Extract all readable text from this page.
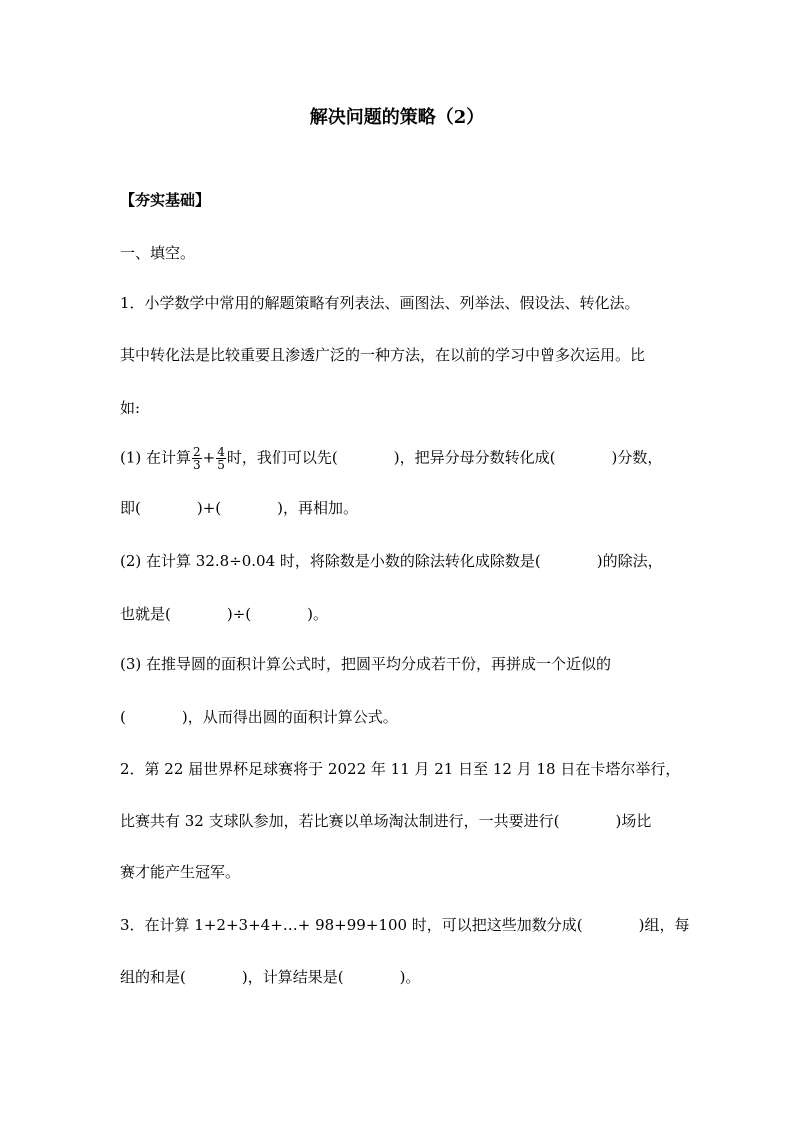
解决问题的策略（2）
【夯实基础】
一、填空。
1．小学数学中常用的解题策略有列表法、画图法、列举法、假设法、转化法。
其中转化法是比较重要且渗透广泛的一种方法，在以前的学习中曾多次运用。比
如:
(1) 在计算 $\frac{2}{3} + \frac{4}{5}$ 时，我们可以先(	)，把异分母分数转化成(	)分数，
即(	)+(	)，再相加。
(2) 在计算 32.8÷0.04 时，将除数是小数的除法转化成除数是(	)的除法，
也就是(	)÷(	)。
(3) 在推导圆的面积计算公式时，把圆平均分成若干份，再拼成一个近似的
(	)，从而得出圆的面积计算公式。
2．第 22 届世界杯足球赛将于 2022 年 11 月 21 日至 12 月 18 日在卡塔尔举行，
比赛共有 32 支球队参加，若比赛以单场淘汰制进行，一共要进行(	)场比
赛才能产生冠军。
3．在计算 1+2+3+4+…+ 98+99+100 时，可以把这些加数分成(	)组，每
组的和是(	)，计算结果是(	)。
